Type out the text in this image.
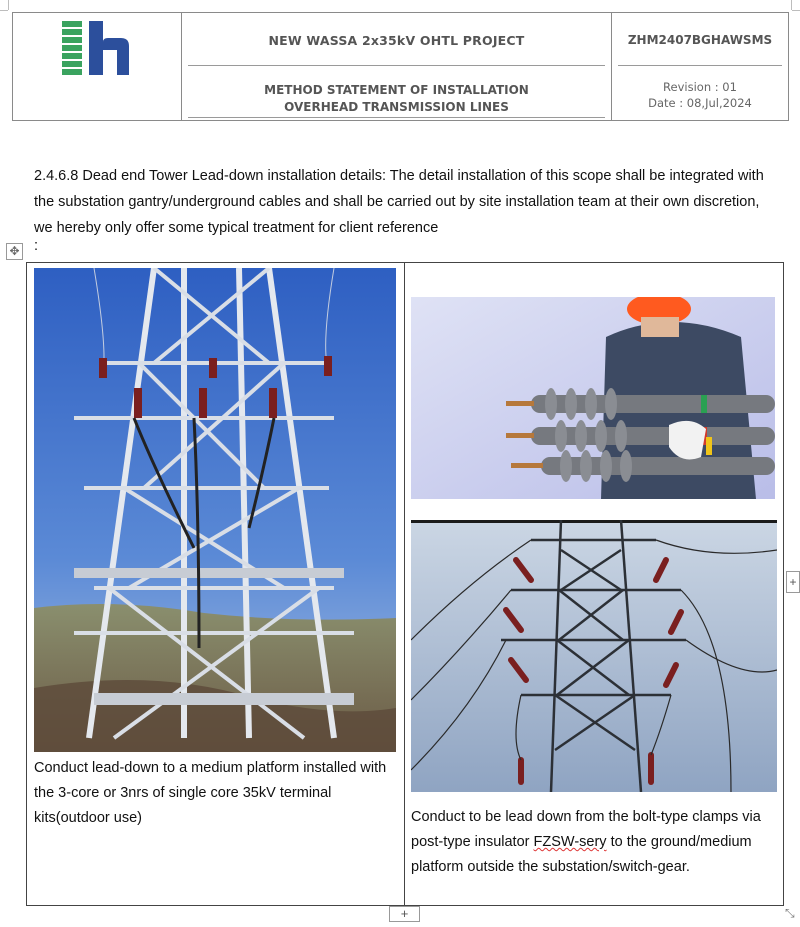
NEW WASSA 2x35kV OHTL PROJECT
METHOD STATEMENT OF INSTALLATION
OVERHEAD TRANSMISSION LINES
ZHM2407BGHAWSMS
Revision : 01
Date : 08,Jul,2024

2.4.6.8 Dead end Tower Lead-down installation details: The detail installation of this scope shall be integrated with the substation gantry/underground cables and shall be carried out by site installation team at their own discretion, we hereby only offer some typical treatment for client reference

✥ :
Conduct lead-down to a medium platform installed with the 3-core or 3nrs of single core 35kV terminal kits(outdoor use)	Conduct to be lead down from the bolt-type clamps via post-type insulator FZSW-sery to the ground/medium platform outside the substation/switch-gear.
+
+	⤡
